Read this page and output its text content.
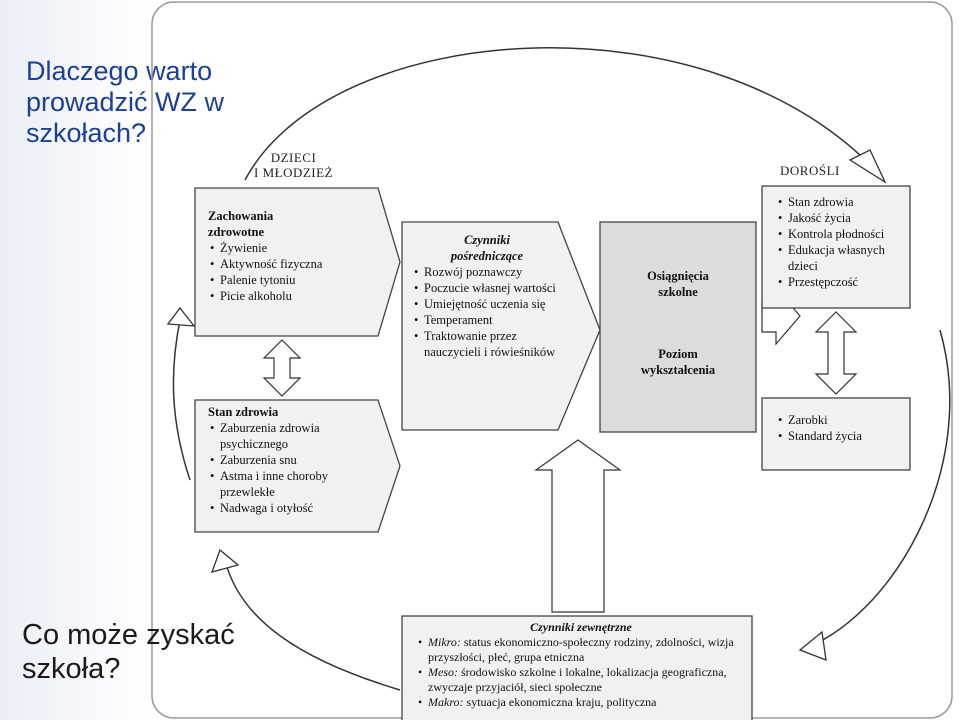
Dlaczego warto
prowadzić WZ w
szkołach?
DZIECI
I MŁODZIEŻ	DOROŚLI
Zachowania
zdrowotne
• Żywienie
• Aktywność fizyczna
• Palenie tytoniu
• Picie alkoholu
Stan zdrowia
• Zaburzenia zdrowia psychicznego
• Zaburzenia snu
• Astma i inne choroby przewlekłe
• Nadwaga i otyłość
Czynniki
pośredniczące
• Rozwój poznawczy
• Poczucie własnej wartości
• Umiejętność uczenia się
• Temperament
• Traktowanie przez nauczycieli i rówieśników
Osiągnięcia
szkolne
Poziom
wykształcenia
• Stan zdrowia
• Jakość życia
• Kontrola płodności
• Edukacja własnych dzieci
• Przestępczość
• Zarobki
• Standard życia
Czynniki zewnętrzne
• Mikro: status ekonomiczno-społeczny rodziny, zdolności, wizja przyszłości, płeć, grupa etniczna
• Meso: środowisko szkolne i lokalne, lokalizacja geograficzna, zwyczaje przyjaciół, sieci społeczne
• Makro: sytuacja ekonomiczna kraju, polityczna
Co może zyskać
szkoła?
